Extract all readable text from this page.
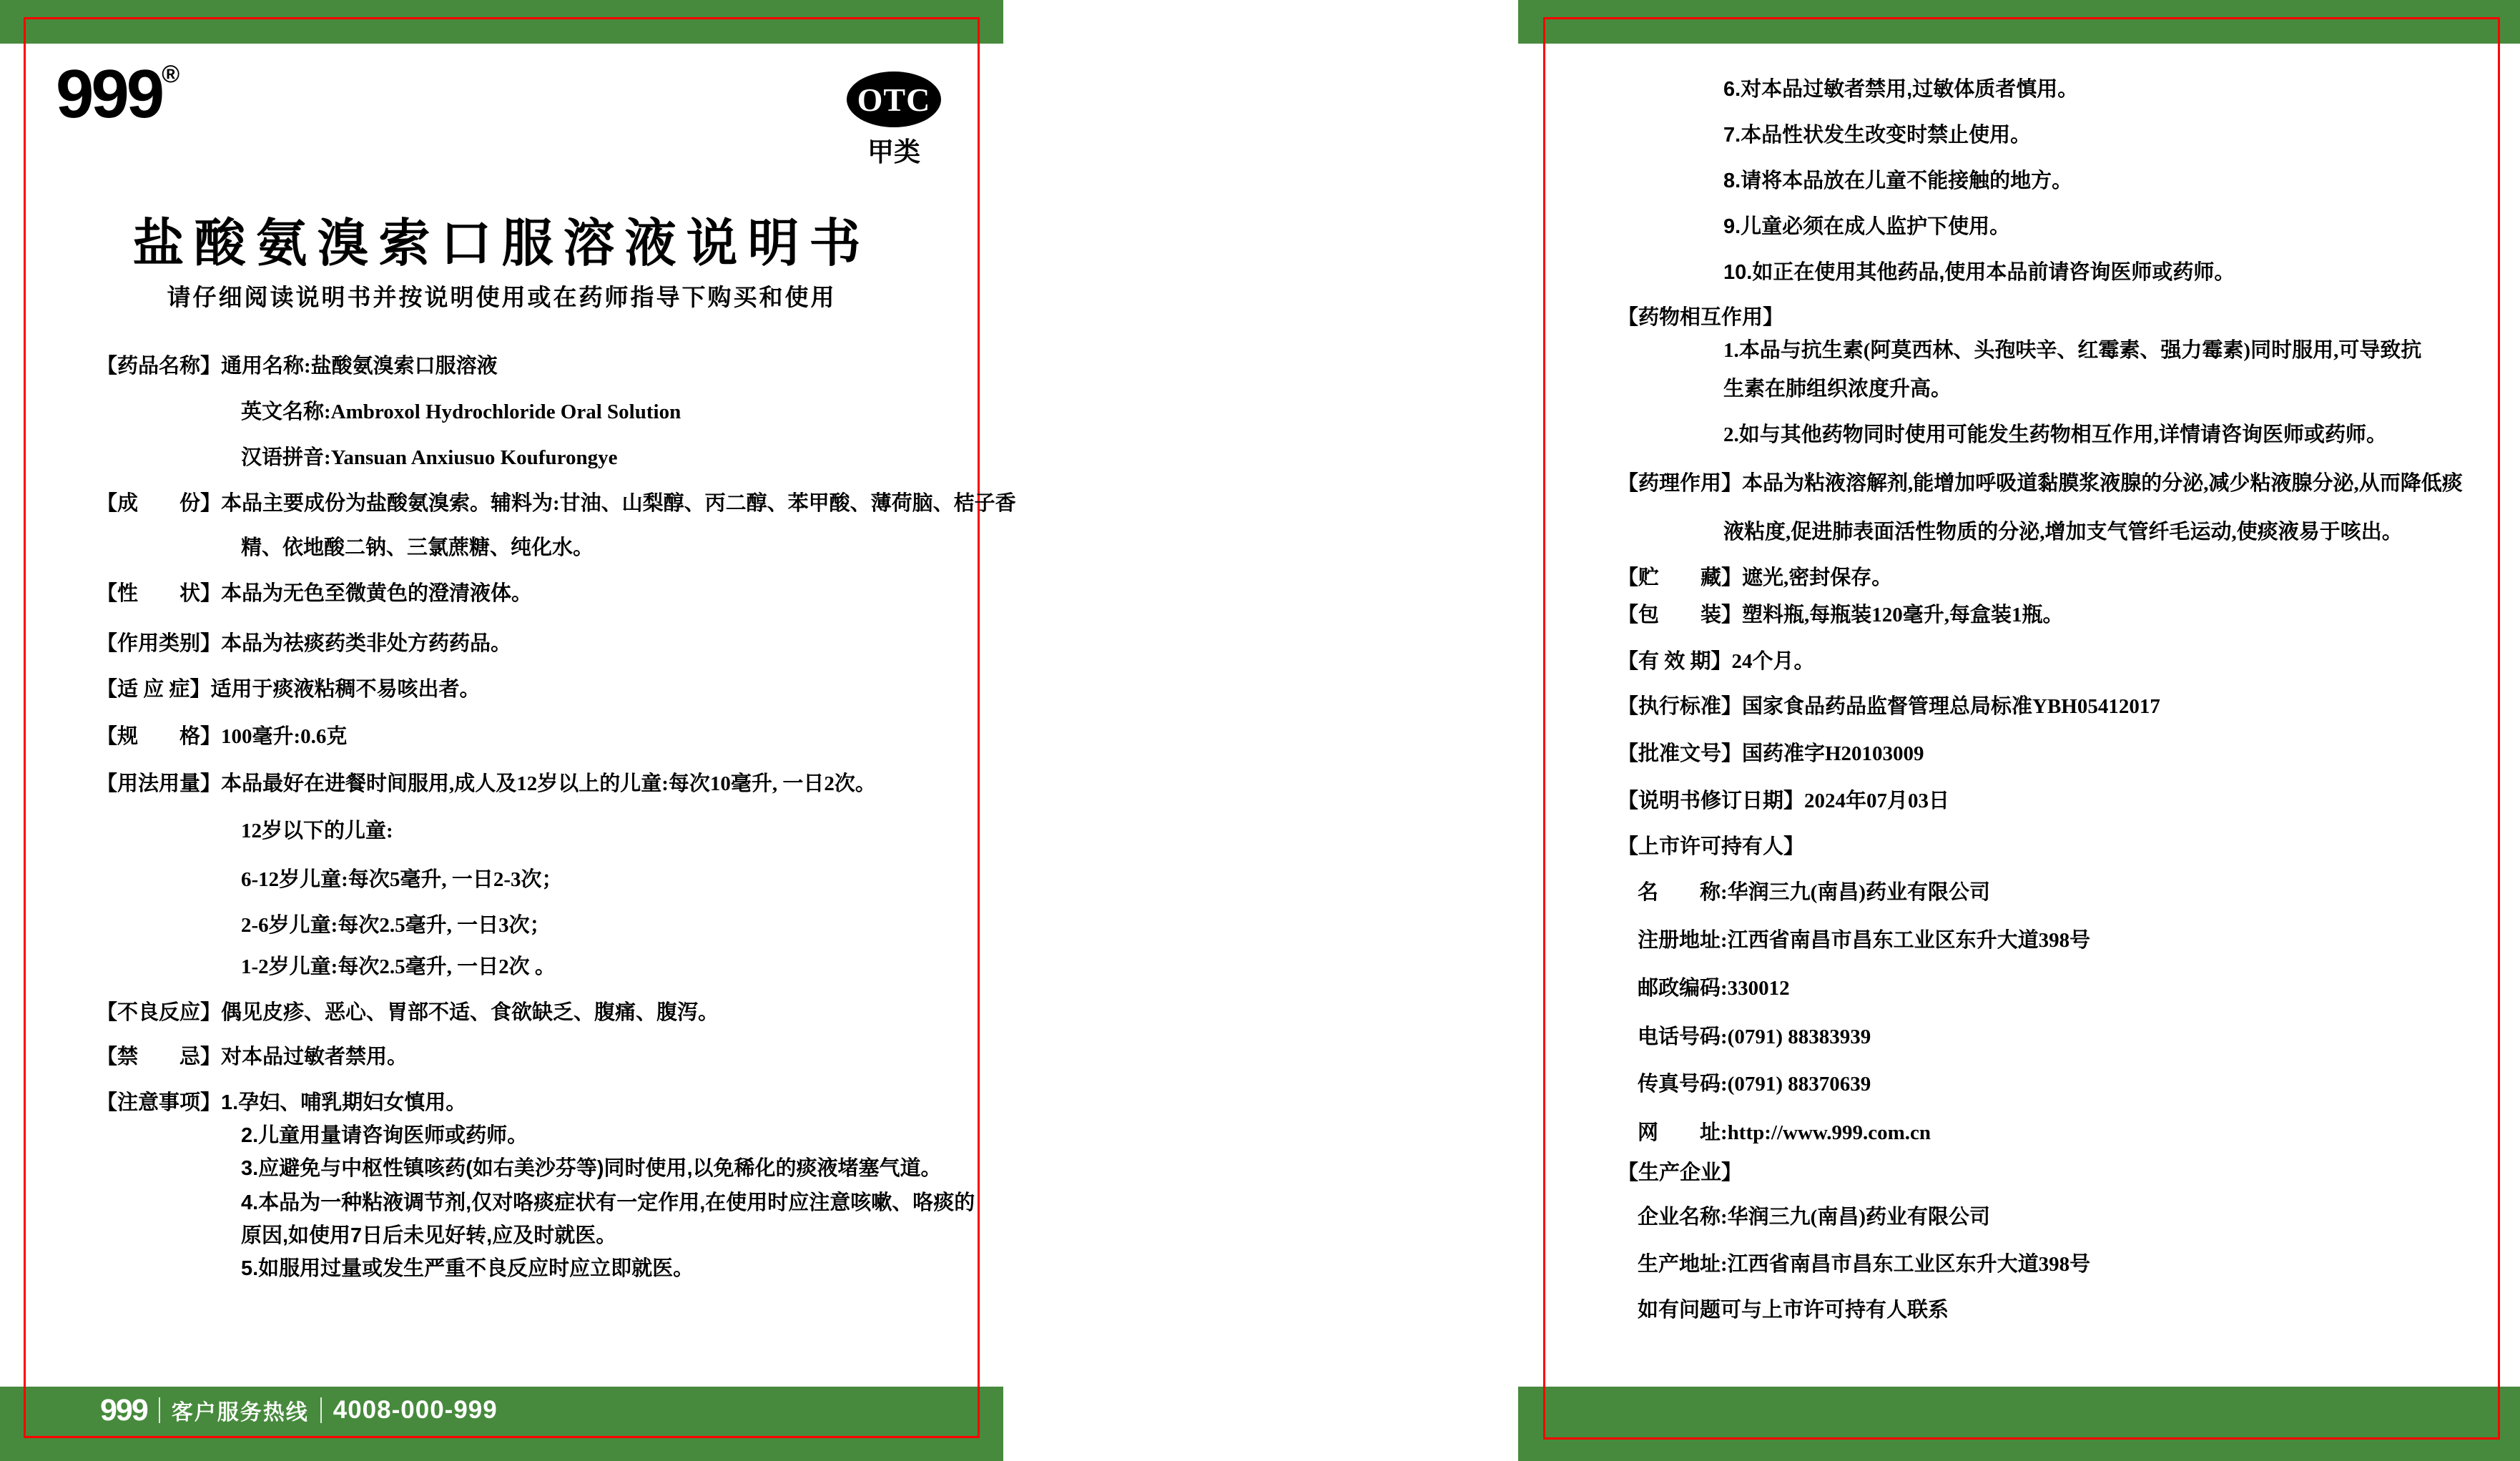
999®
OTC
甲类
盐酸氨溴索口服溶液说明书
请仔细阅读说明书并按说明使用或在药师指导下购买和使用
【药品名称】通用名称:盐酸氨溴索口服溶液
英文名称:Ambroxol Hydrochloride Oral Solution
汉语拼音:Yansuan Anxiusuo Koufurongye
【成　　份】本品主要成份为盐酸氨溴索。辅料为:甘油、山梨醇、丙二醇、苯甲酸、薄荷脑、桔子香
精、依地酸二钠、三氯蔗糖、纯化水。
【性　　状】本品为无色至微黄色的澄清液体。
【作用类别】本品为祛痰药类非处方药药品。
【适 应 症】适用于痰液粘稠不易咳出者。
【规　　格】100毫升:0.6克
【用法用量】本品最好在进餐时间服用,成人及12岁以上的儿童:每次10毫升, 一日2次。
12岁以下的儿童:
6-12岁儿童:每次5毫升, 一日2-3次；
2-6岁儿童:每次2.5毫升, 一日3次；
1-2岁儿童:每次2.5毫升, 一日2次 。
【不良反应】偶见皮疹、恶心、胃部不适、食欲缺乏、腹痛、腹泻。
【禁　　忌】对本品过敏者禁用。
【注意事项】1.孕妇、哺乳期妇女慎用。
2.儿童用量请咨询医师或药师。
3.应避免与中枢性镇咳药(如右美沙芬等)同时使用,以免稀化的痰液堵塞气道。
4.本品为一种粘液调节剂,仅对咯痰症状有一定作用,在使用时应注意咳嗽、咯痰的
原因,如使用7日后未见好转,应及时就医。
5.如服用过量或发生严重不良反应时应立即就医。
6.对本品过敏者禁用,过敏体质者慎用。
7.本品性状发生改变时禁止使用。
8.请将本品放在儿童不能接触的地方。
9.儿童必须在成人监护下使用。
10.如正在使用其他药品,使用本品前请咨询医师或药师。
【药物相互作用】
1.本品与抗生素(阿莫西林、头孢呋辛、红霉素、强力霉素)同时服用,可导致抗
生素在肺组织浓度升高。
2.如与其他药物同时使用可能发生药物相互作用,详情请咨询医师或药师。
【药理作用】本品为粘液溶解剂,能增加呼吸道黏膜浆液腺的分泌,减少粘液腺分泌,从而降低痰
液粘度,促进肺表面活性物质的分泌,增加支气管纤毛运动,使痰液易于咳出。
【贮　　藏】遮光,密封保存。
【包　　装】塑料瓶,每瓶装120毫升,每盒装1瓶。
【有 效 期】24个月。
【执行标准】国家食品药品监督管理总局标准YBH05412017
【批准文号】国药准字H20103009
【说明书修订日期】2024年07月03日
【上市许可持有人】
名　　称:华润三九(南昌)药业有限公司
注册地址:江西省南昌市昌东工业区东升大道398号
邮政编码:330012
电话号码:(0791) 88383939
传真号码:(0791) 88370639
网　　址:http://www.999.com.cn
【生产企业】
企业名称:华润三九(南昌)药业有限公司
生产地址:江西省南昌市昌东工业区东升大道398号
如有问题可与上市许可持有人联系
999 客户服务热线 4008-000-999
